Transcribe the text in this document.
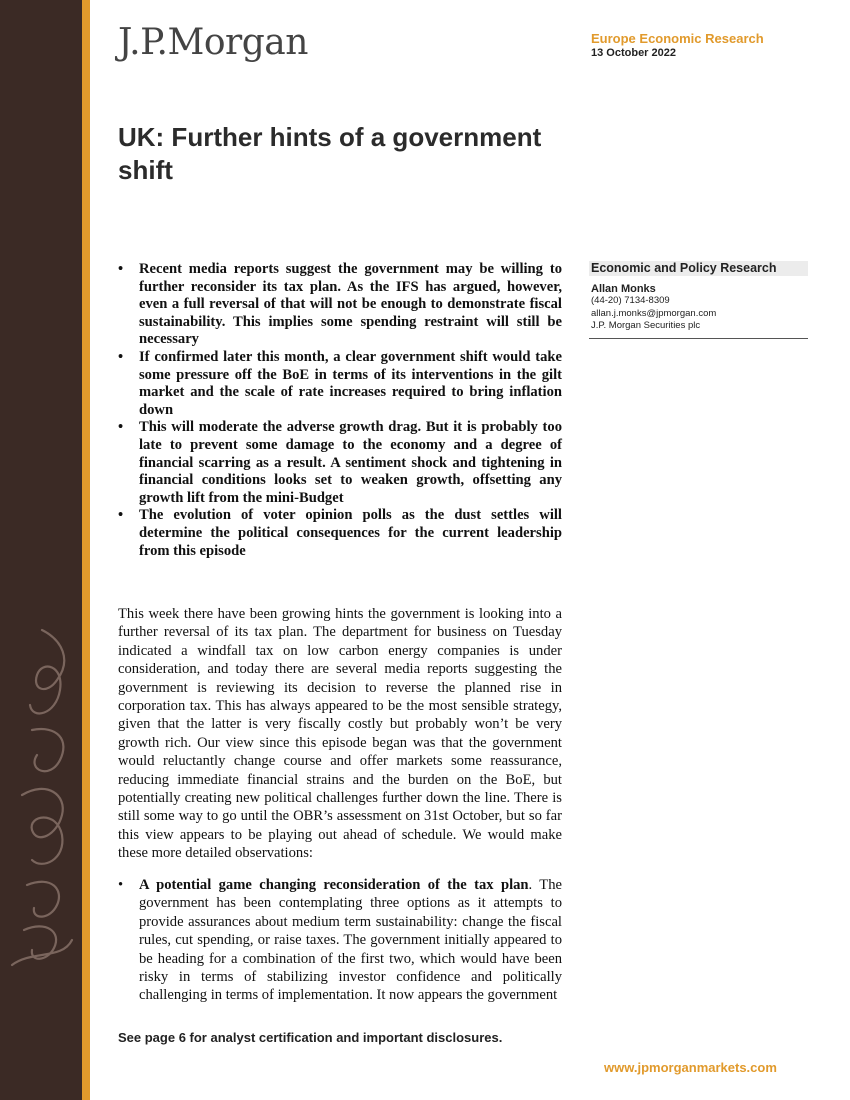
J.P.Morgan	Europe Economic Research
13 October 2022
UK: Further hints of a government shift
• Recent media reports suggest the government may be willing to further reconsider its tax plan. As the IFS has argued, however, even a full reversal of that will not be enough to demonstrate fiscal sustainability. This implies some spending restraint will still be necessary
• If confirmed later this month, a clear government shift would take some pressure off the BoE in terms of its interventions in the gilt market and the scale of rate increases required to bring inflation down
• This will moderate the adverse growth drag. But it is probably too late to prevent some damage to the economy and a degree of financial scarring as a result. A sentiment shock and tightening in financial conditions looks set to weaken growth, offsetting any growth lift from the mini-Budget
• The evolution of voter opinion polls as the dust settles will determine the political consequences for the current leadership from this episode

This week there have been growing hints the government is looking into a further reversal of its tax plan. The department for business on Tuesday indicated a windfall tax on low carbon energy companies is under consideration, and today there are several media reports suggesting the government is reviewing its decision to reverse the planned rise in corporation tax. This has always appeared to be the most sensible strategy, given that the latter is very fiscally costly but probably won’t be very growth rich. Our view since this episode began was that the government would reluctantly change course and offer markets some reassurance, reducing immediate financial strains and the burden on the BoE, but potentially creating new political challenges further down the line. There is still some way to go until the OBR’s assessment on 31st October, but so far this view appears to be playing out ahead of schedule. We would make these more detailed observations:

• A potential game changing reconsideration of the tax plan. The government has been contemplating three options as it attempts to provide assurances about medium term sustainability: change the fiscal rules, cut spending, or raise taxes. The government initially appeared to be heading for a combination of the first two, which would have been risky in terms of stabilizing investor confidence and politically challenging in terms of implementation. It now appears the government
Economic and Policy Research
Allan Monks
(44-20) 7134-8309
allan.j.monks@jpmorgan.com
J.P. Morgan Securities plc
See page 6 for analyst certification and important disclosures.
www.jpmorganmarkets.com
